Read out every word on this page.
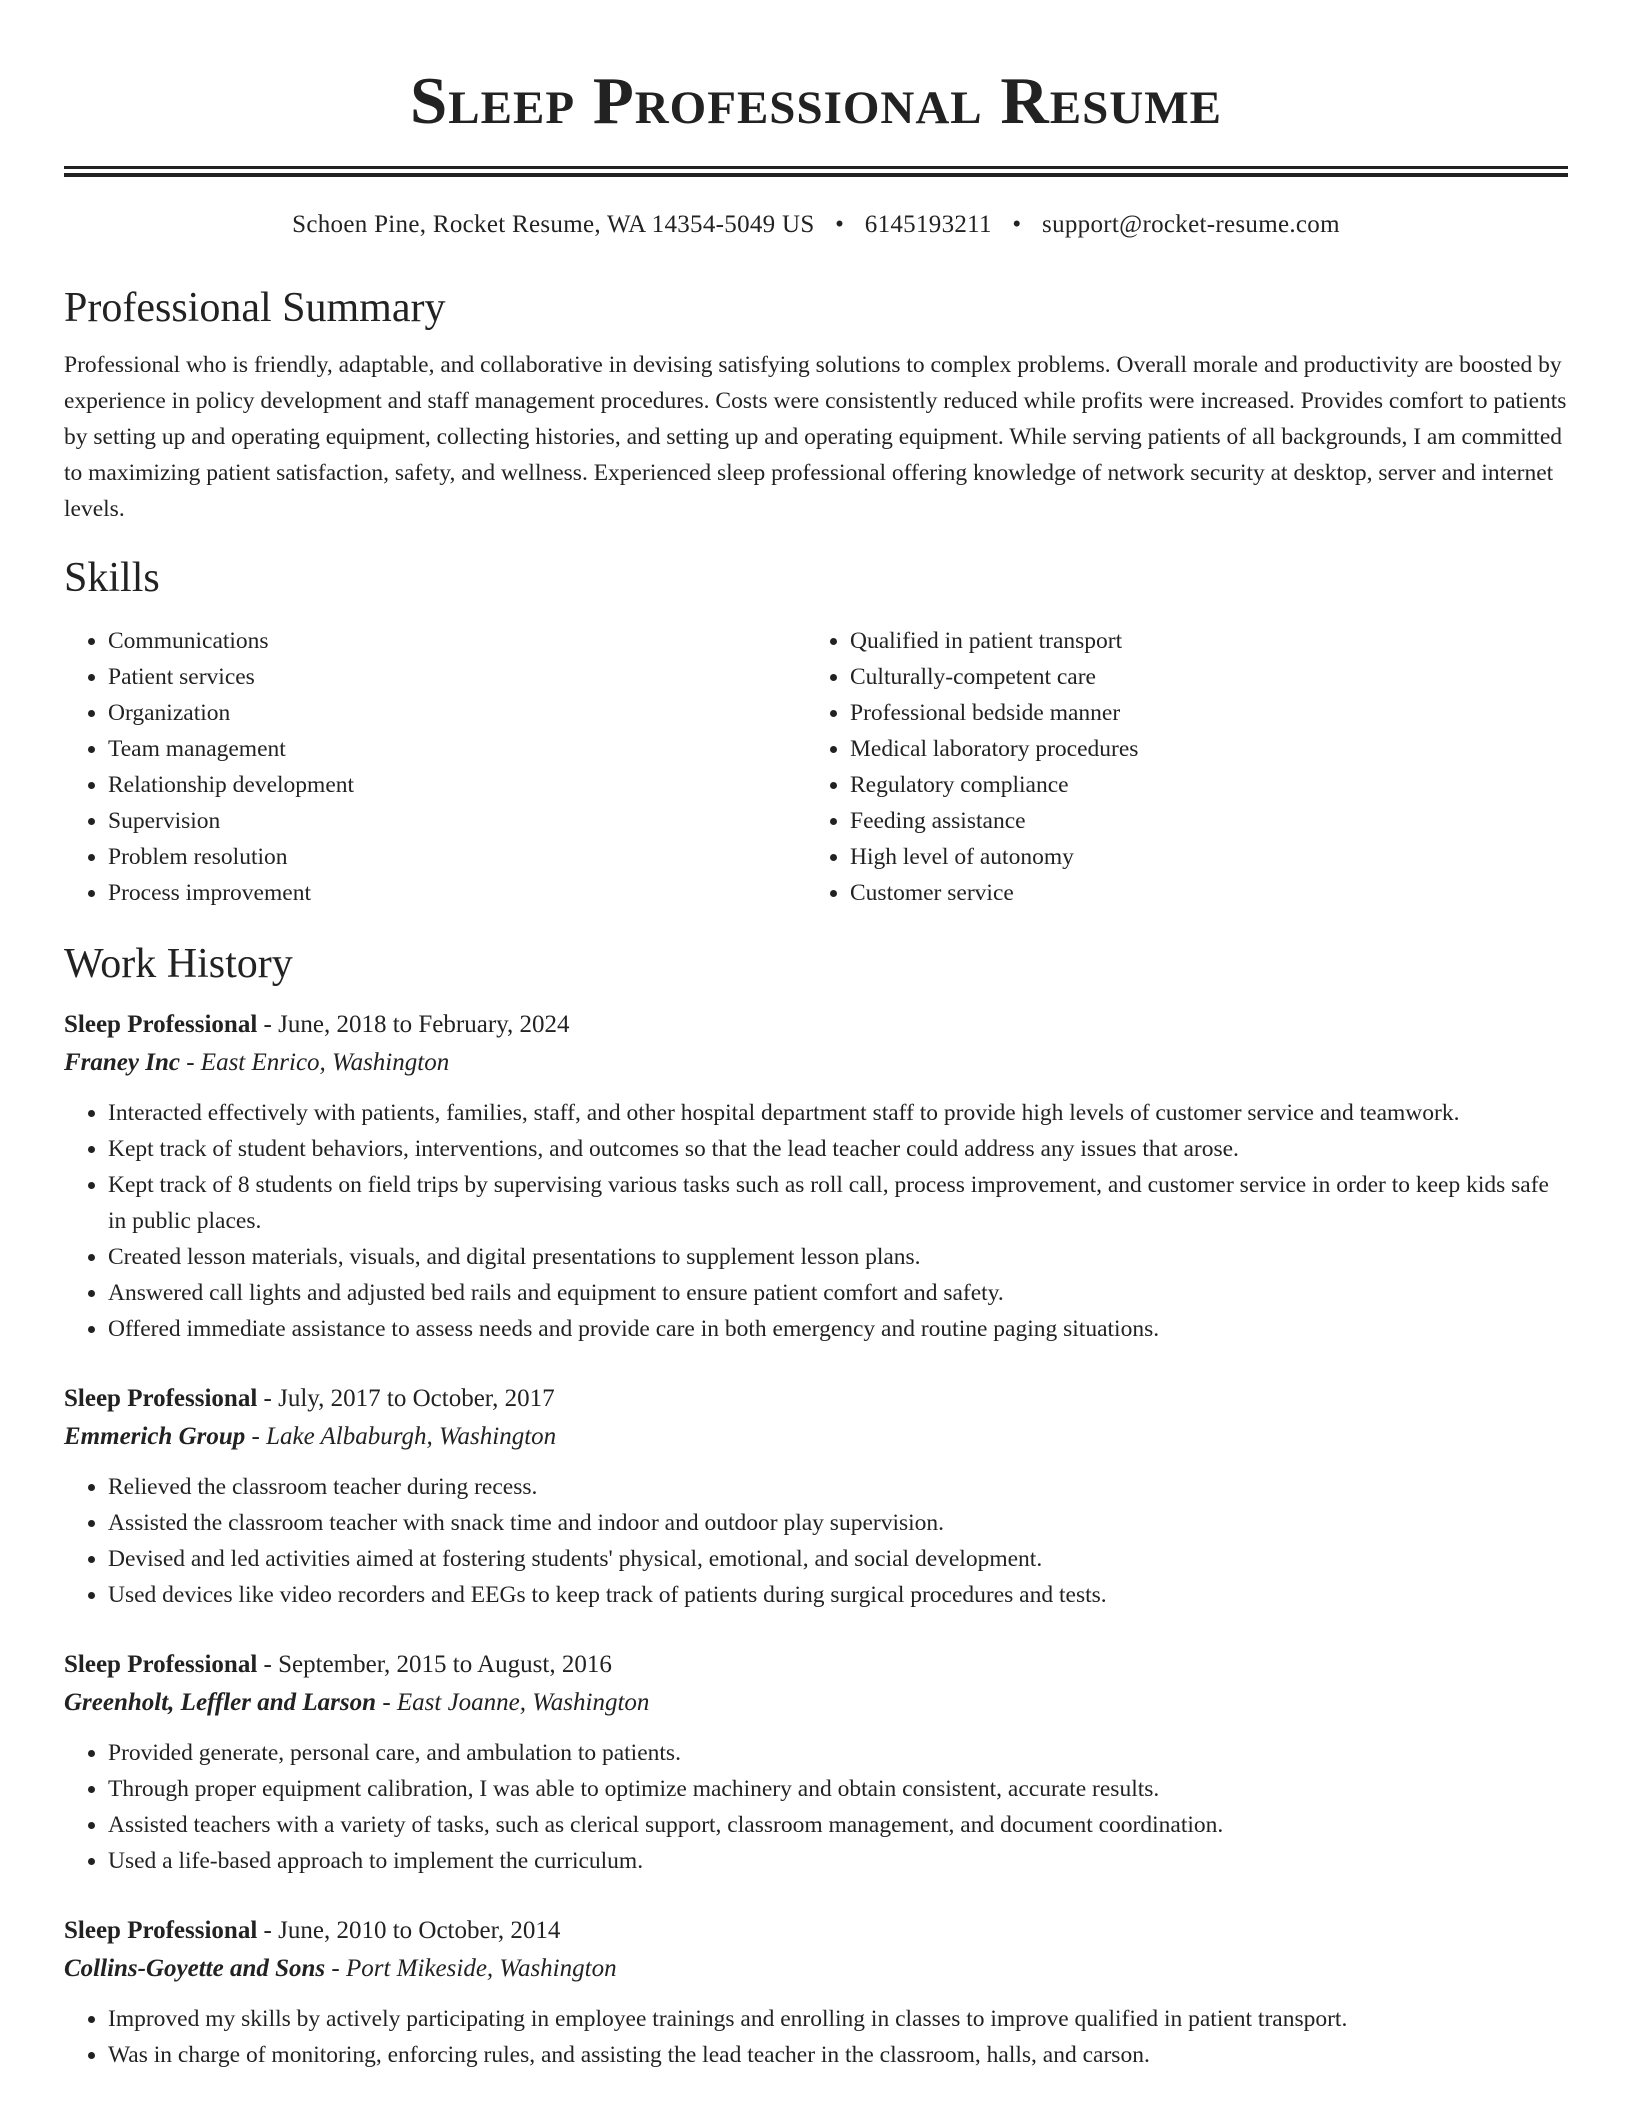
Sleep Professional Resume
Schoen Pine, Rocket Resume, WA 14354-5049 US • 6145193211 • support@rocket-resume.com
Professional Summary
Professional who is friendly, adaptable, and collaborative in devising satisfying solutions to complex problems. Overall morale and productivity are boosted by experience in policy development and staff management procedures. Costs were consistently reduced while profits were increased. Provides comfort to patients by setting up and operating equipment, collecting histories, and setting up and operating equipment. While serving patients of all backgrounds, I am committed to maximizing patient satisfaction, safety, and wellness. Experienced sleep professional offering knowledge of network security at desktop, server and internet levels.
Skills
• Communications
• Patient services
• Organization
• Team management
• Relationship development
• Supervision
• Problem resolution
• Process improvement
• Qualified in patient transport
• Culturally-competent care
• Professional bedside manner
• Medical laboratory procedures
• Regulatory compliance
• Feeding assistance
• High level of autonomy
• Customer service
Work History
Sleep Professional - June, 2018 to February, 2024
Franey Inc - East Enrico, Washington
• Interacted effectively with patients, families, staff, and other hospital department staff to provide high levels of customer service and teamwork.
• Kept track of student behaviors, interventions, and outcomes so that the lead teacher could address any issues that arose.
• Kept track of 8 students on field trips by supervising various tasks such as roll call, process improvement, and customer service in order to keep kids safe in public places.
• Created lesson materials, visuals, and digital presentations to supplement lesson plans.
• Answered call lights and adjusted bed rails and equipment to ensure patient comfort and safety.
• Offered immediate assistance to assess needs and provide care in both emergency and routine paging situations.
Sleep Professional - July, 2017 to October, 2017
Emmerich Group - Lake Albaburgh, Washington
• Relieved the classroom teacher during recess.
• Assisted the classroom teacher with snack time and indoor and outdoor play supervision.
• Devised and led activities aimed at fostering students' physical, emotional, and social development.
• Used devices like video recorders and EEGs to keep track of patients during surgical procedures and tests.
Sleep Professional - September, 2015 to August, 2016
Greenholt, Leffler and Larson - East Joanne, Washington
• Provided generate, personal care, and ambulation to patients.
• Through proper equipment calibration, I was able to optimize machinery and obtain consistent, accurate results.
• Assisted teachers with a variety of tasks, such as clerical support, classroom management, and document coordination.
• Used a life-based approach to implement the curriculum.
Sleep Professional - June, 2010 to October, 2014
Collins-Goyette and Sons - Port Mikeside, Washington
• Improved my skills by actively participating in employee trainings and enrolling in classes to improve qualified in patient transport.
• Was in charge of monitoring, enforcing rules, and assisting the lead teacher in the classroom, halls, and carson.
